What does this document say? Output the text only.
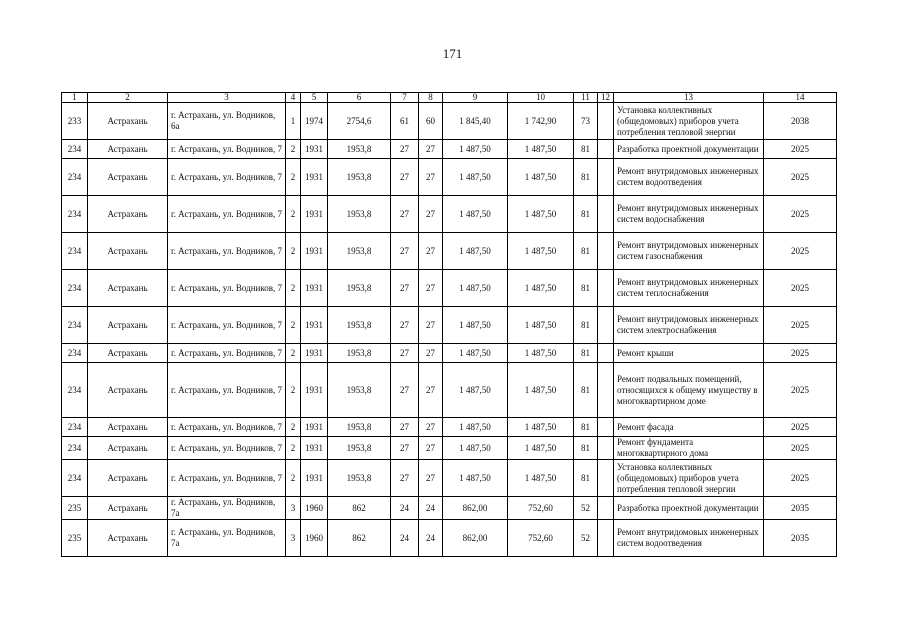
171
1	2	3	4	5	6	7	8	9	10	11	12	13	14
233	Астрахань	г. Астрахань, ул. Водников, 6а	1	1974	2754,6	61	60	1 845,40	1 742,90	73		Установка коллективных (общедомовых) приборов учета потребления тепловой энергии	2038
234	Астрахань	г. Астрахань, ул. Водников, 7	2	1931	1953,8	27	27	1 487,50	1 487,50	81		Разработка проектной документации	2025
234	Астрахань	г. Астрахань, ул. Водников, 7	2	1931	1953,8	27	27	1 487,50	1 487,50	81		Ремонт внутридомовых инженерных систем водоотведения	2025
234	Астрахань	г. Астрахань, ул. Водников, 7	2	1931	1953,8	27	27	1 487,50	1 487,50	81		Ремонт внутридомовых инженерных систем водоснабжения	2025
234	Астрахань	г. Астрахань, ул. Водников, 7	2	1931	1953,8	27	27	1 487,50	1 487,50	81		Ремонт внутридомовых инженерных систем газоснабжения	2025
234	Астрахань	г. Астрахань, ул. Водников, 7	2	1931	1953,8	27	27	1 487,50	1 487,50	81		Ремонт внутридомовых инженерных систем теплоснабжения	2025
234	Астрахань	г. Астрахань, ул. Водников, 7	2	1931	1953,8	27	27	1 487,50	1 487,50	81		Ремонт внутридомовых инженерных систем электроснабжения	2025
234	Астрахань	г. Астрахань, ул. Водников, 7	2	1931	1953,8	27	27	1 487,50	1 487,50	81		Ремонт крыши	2025
234	Астрахань	г. Астрахань, ул. Водников, 7	2	1931	1953,8	27	27	1 487,50	1 487,50	81		Ремонт подвальных помещений, относящихся к общему имуществу в многоквартирном доме	2025
234	Астрахань	г. Астрахань, ул. Водников, 7	2	1931	1953,8	27	27	1 487,50	1 487,50	81		Ремонт фасада	2025
234	Астрахань	г. Астрахань, ул. Водников, 7	2	1931	1953,8	27	27	1 487,50	1 487,50	81		Ремонт фундамента многоквартирного дома	2025
234	Астрахань	г. Астрахань, ул. Водников, 7	2	1931	1953,8	27	27	1 487,50	1 487,50	81		Установка коллективных (общедомовых) приборов учета потребления тепловой энергии	2025
235	Астрахань	г. Астрахань, ул. Водников, 7а	3	1960	862	24	24	862,00	752,60	52		Разработка проектной документации	2035
235	Астрахань	г. Астрахань, ул. Водников, 7а	3	1960	862	24	24	862,00	752,60	52		Ремонт внутридомовых инженерных систем водоотведения	2035
